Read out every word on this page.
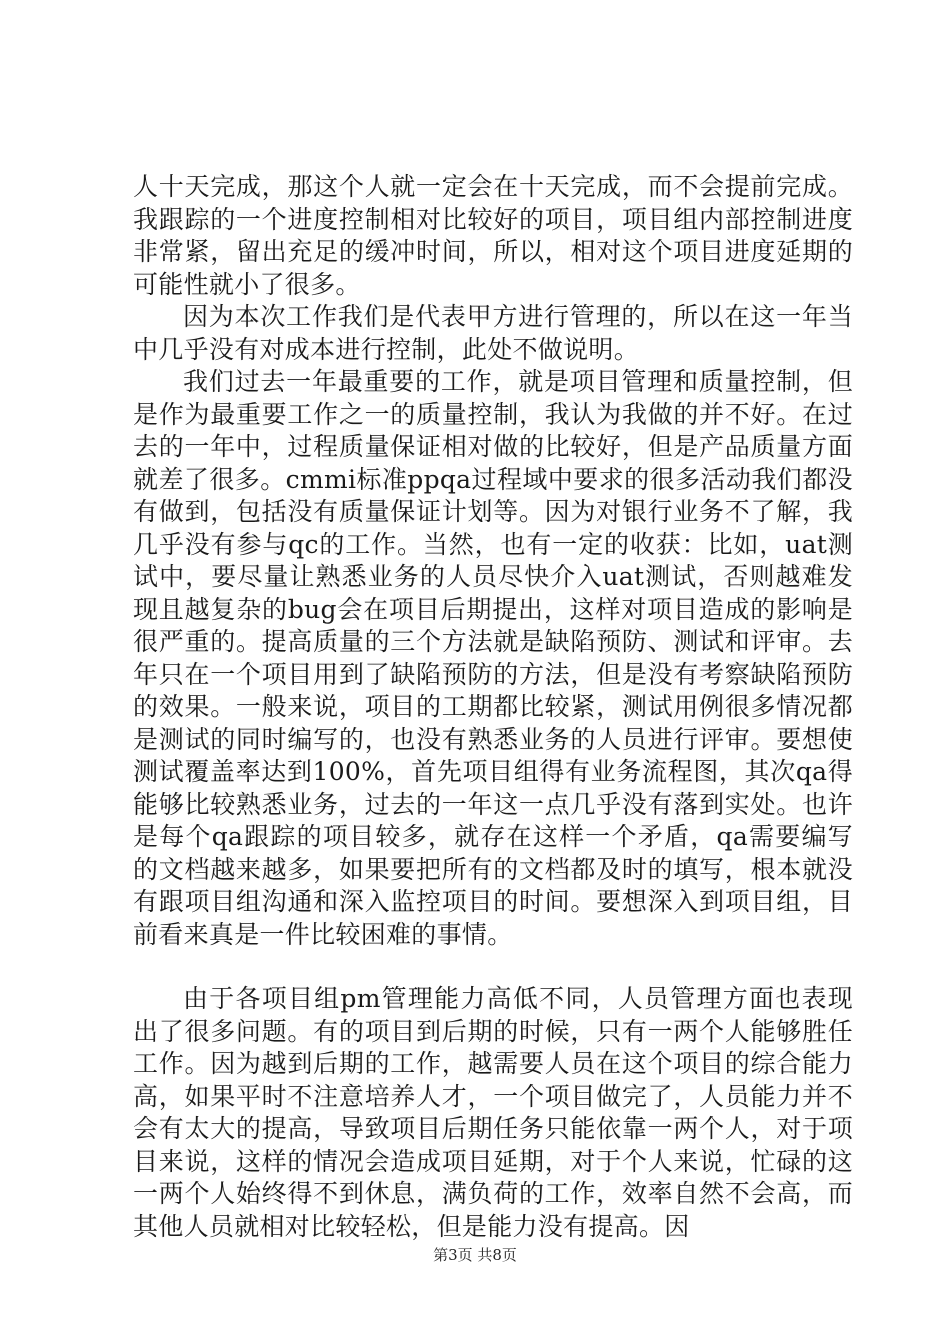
人十天完成，那这个人就一定会在十天完成，而不会提前完成。我跟踪的一个进度控制相对比较好的项目，项目组内部控制进度非常紧，留出充足的缓冲时间，所以，相对这个项目进度延期的可能性就小了很多。

因为本次工作我们是代表甲方进行管理的，所以在这一年当中几乎没有对成本进行控制，此处不做说明。

我们过去一年最重要的工作，就是项目管理和质量控制，但是作为最重要工作之一的质量控制，我认为我做的并不好。在过去的一年中，过程质量保证相对做的比较好，但是产品质量方面就差了很多。cmmi标准ppqa过程域中要求的很多活动我们都没有做到，包括没有质量保证计划等。因为对银行业务不了解，我几乎没有参与qc的工作。当然，也有一定的收获：比如，uat测试中，要尽量让熟悉业务的人员尽快介入uat测试，否则越难发现且越复杂的bug会在项目后期提出，这样对项目造成的影响是很严重的。提高质量的三个方法就是缺陷预防、测试和评审。去年只在一个项目用到了缺陷预防的方法，但是没有考察缺陷预防的效果。一般来说，项目的工期都比较紧，测试用例很多情况都是测试的同时编写的，也没有熟悉业务的人员进行评审。要想使测试覆盖率达到100%，首先项目组得有业务流程图，其次qa得能够比较熟悉业务，过去的一年这一点几乎没有落到实处。也许是每个qa跟踪的项目较多，就存在这样一个矛盾，qa需要编写的文档越来越多，如果要把所有的文档都及时的填写，根本就没有跟项目组沟通和深入监控项目的时间。要想深入到项目组，目前看来真是一件比较困难的事情。

由于各项目组pm管理能力高低不同，人员管理方面也表现出了很多问题。有的项目到后期的时候，只有一两个人能够胜任工作。因为越到后期的工作，越需要人员在这个项目的综合能力高，如果平时不注意培养人才，一个项目做完了，人员能力并不会有太大的提高，导致项目后期任务只能依靠一两个人，对于项目来说，这样的情况会造成项目延期，对于个人来说，忙碌的这一两个人始终得不到休息，满负荷的工作，效率自然不会高，而其他人员就相对比较轻松，但是能力没有提高。因

第3页 共8页
